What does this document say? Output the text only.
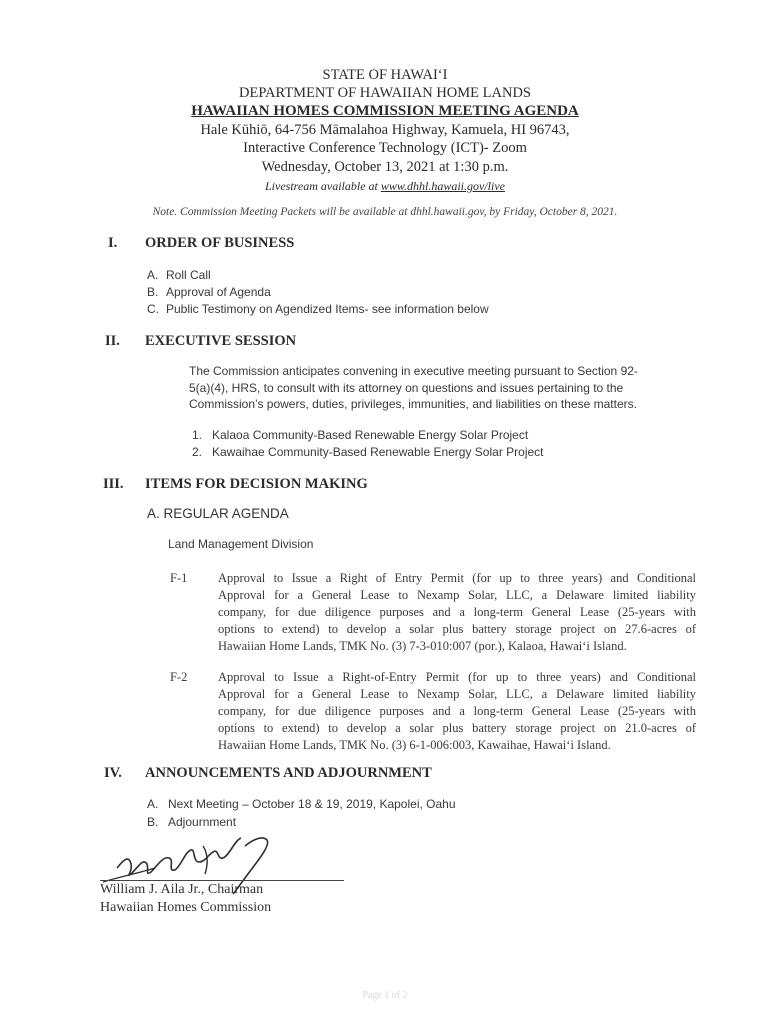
STATE OF HAWAI‘I
DEPARTMENT OF HAWAIIAN HOME LANDS
HAWAIIAN HOMES COMMISSION MEETING AGENDA
Hale Kūhiō, 64-756 Māmalahoa Highway, Kamuela, HI 96743,
Interactive Conference Technology (ICT)- Zoom
Wednesday, October 13, 2021 at 1:30 p.m.
Livestream available at www.dhhl.hawaii.gov/live
Note. Commission Meeting Packets will be available at dhhl.hawaii.gov, by Friday, October 8, 2021.
I. ORDER OF BUSINESS
A. Roll Call
B. Approval of Agenda
C. Public Testimony on Agendized Items- see information below
II. EXECUTIVE SESSION
The Commission anticipates convening in executive meeting pursuant to Section 92-
5(a)(4), HRS, to consult with its attorney on questions and issues pertaining to the
Commission’s powers, duties, privileges, immunities, and liabilities on these matters.
1. Kalaoa Community-Based Renewable Energy Solar Project
2. Kawaihae Community-Based Renewable Energy Solar Project
III. ITEMS FOR DECISION MAKING
A. REGULAR AGENDA
Land Management Division
F-1 Approval to Issue a Right of Entry Permit (for up to three years) and Conditional
Approval for a General Lease to Nexamp Solar, LLC, a Delaware limited liability
company, for due diligence purposes and a long-term General Lease (25-years with
options to extend) to develop a solar plus battery storage project on 27.6-acres of
Hawaiian Home Lands, TMK No. (3) 7-3-010:007 (por.), Kalaoa, Hawai‘i Island.
F-2 Approval to Issue a Right-of-Entry Permit (for up to three years) and Conditional
Approval for a General Lease to Nexamp Solar, LLC, a Delaware limited liability
company, for due diligence purposes and a long-term General Lease (25-years with
options to extend) to develop a solar plus battery storage project on 21.0-acres of
Hawaiian Home Lands, TMK No. (3) 6-1-006:003, Kawaihae, Hawai‘i Island.
IV. ANNOUNCEMENTS AND ADJOURNMENT
A. Next Meeting – October 18 & 19, 2019, Kapolei, Oahu
B. Adjournment
William J. Aila Jr., Chairman
Hawaiian Homes Commission
Page 1 of 2
